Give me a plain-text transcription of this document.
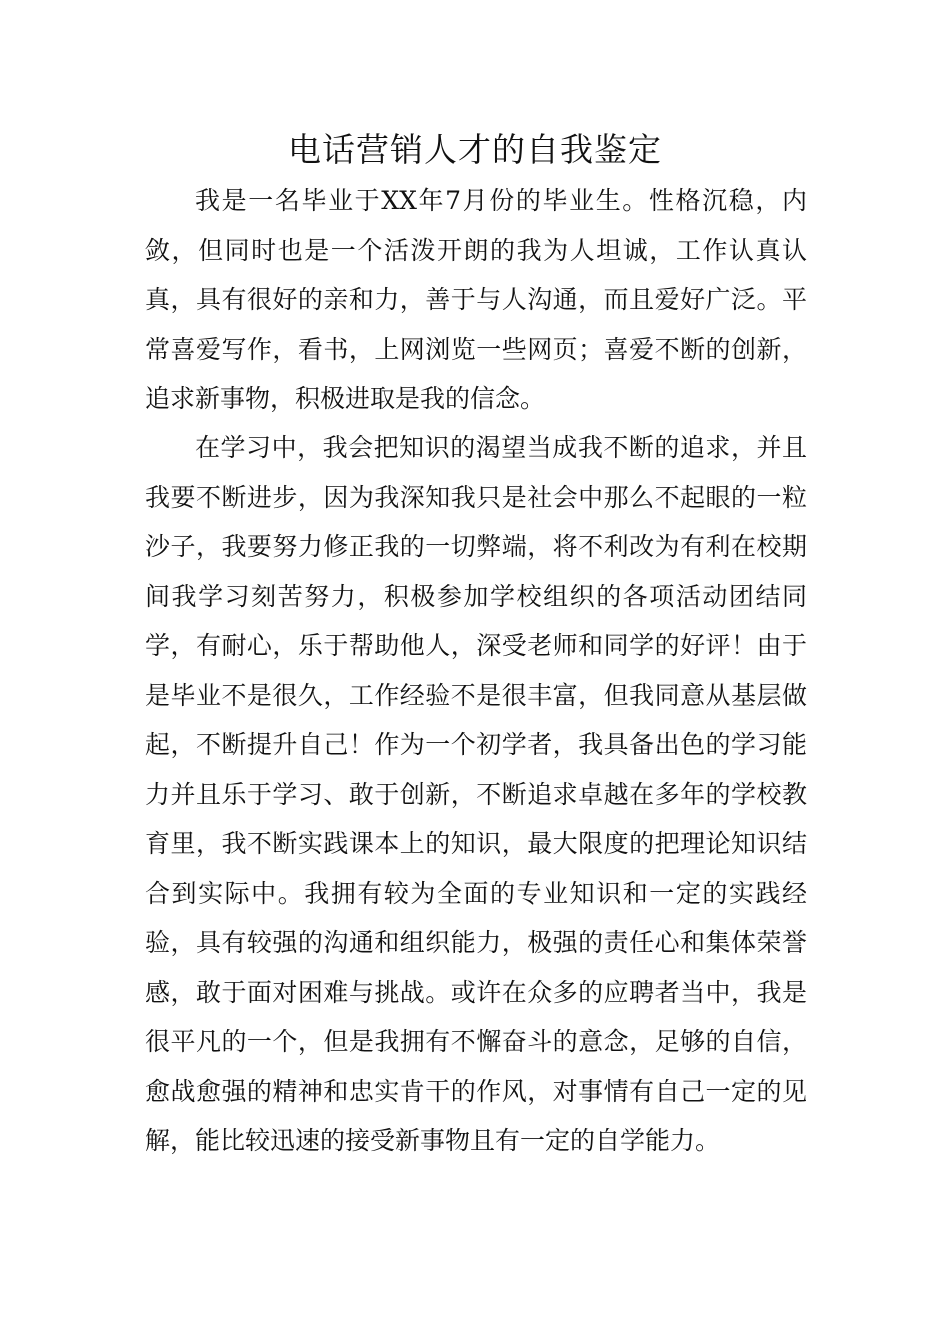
电话营销人才的自我鉴定

我是一名毕业于XX年7月份的毕业生。性格沉稳，内敛，但同时也是一个活泼开朗的我为人坦诚，工作认真认真，具有很好的亲和力，善于与人沟通，而且爱好广泛。平常喜爱写作，看书，上网浏览一些网页；喜爱不断的创新，追求新事物，积极进取是我的信念。

在学习中，我会把知识的渴望当成我不断的追求，并且我要不断进步，因为我深知我只是社会中那么不起眼的一粒沙子，我要努力修正我的一切弊端，将不利改为有利在校期间我学习刻苦努力，积极参加学校组织的各项活动团结同学，有耐心，乐于帮助他人，深受老师和同学的好评！由于是毕业不是很久，工作经验不是很丰富，但我同意从基层做起，不断提升自己！作为一个初学者，我具备出色的学习能力并且乐于学习、敢于创新，不断追求卓越在多年的学校教育里，我不断实践课本上的知识，最大限度的把理论知识结合到实际中。我拥有较为全面的专业知识和一定的实践经验，具有较强的沟通和组织能力，极强的责任心和集体荣誉感，敢于面对困难与挑战。或许在众多的应聘者当中，我是很平凡的一个，但是我拥有不懈奋斗的意念，足够的自信，愈战愈强的精神和忠实肯干的作风，对事情有自己一定的见解，能比较迅速的接受新事物且有一定的自学能力。
